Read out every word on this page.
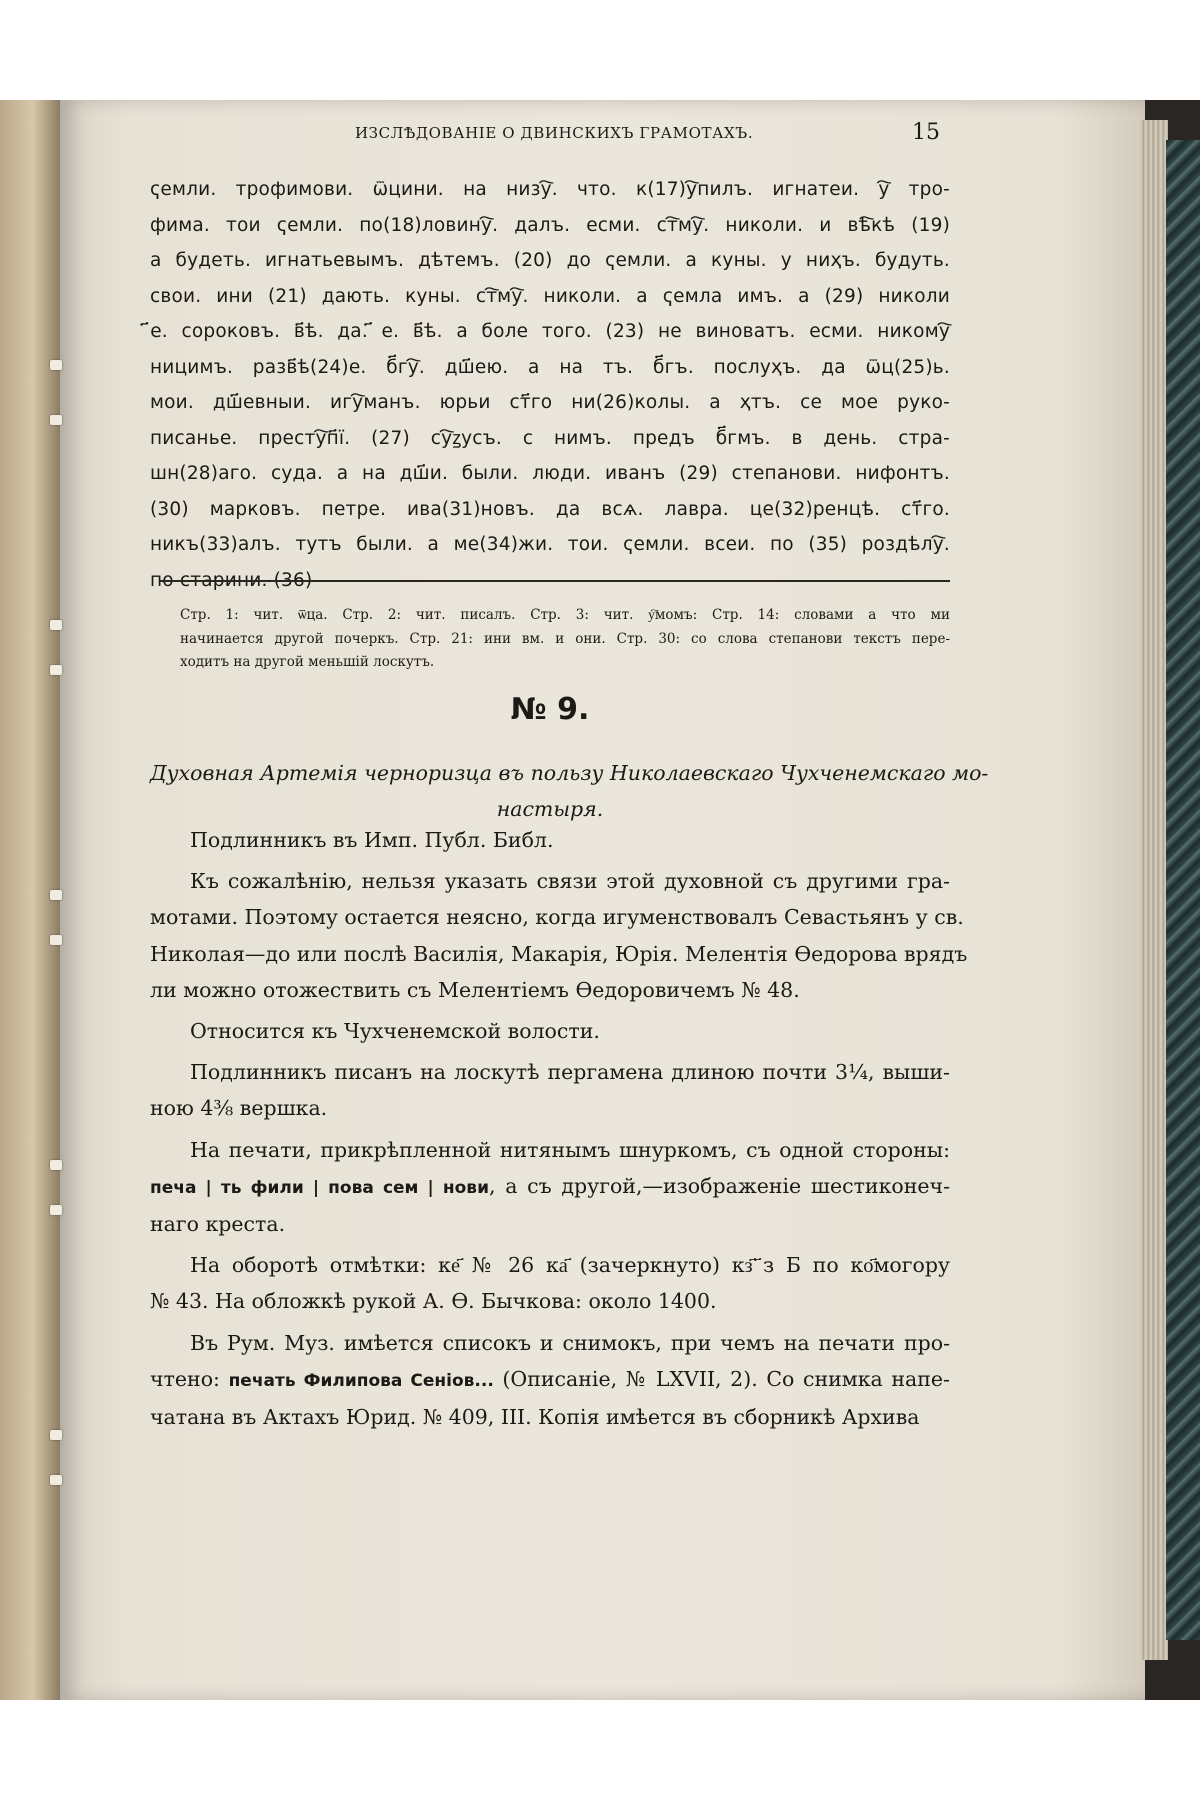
ИЗСЛѢДОВАНІЕ О ДВИНСКИХЪ ГРАМОТАХЪ.	15
ҁемли. трофимови. ѿцини. на низу҇. что. к(17)у҇пилъ. игнатеи. у҇ тро-
фима. тои ҁемли. по(18)ловину҇. далъ. есми. ст҇му҇. николи. и вѣ҇кѣ (19)
а будеть. игнатьевымъ. дѣтемъ. (20) до ҁемли. а куны. у ниҳъ. будуть.
свои. ини (21) дають. куны. ст҇му҇. николи. а ҁемла имъ. а (29) николи
҃е. сороковъ. в҃ѣ. да. ҃е. в҃ѣ. а боле того. (23) не виноватъ. есми. никому҇
ницимъ. разв҃ѣ(24)е. б҃гу҇. дш҃ею. а на тъ. б҃гъ. послуҳъ. да ѿц(25)ь.
мои. дш҃евныи. игу҇манъ. юрьи ст҃го ни(26)колы. а ҳтъ. се мое руко-
писанье. престу҇п҃ї. (27) су҇ꙁусъ. с нимъ. предъ б҃гмъ. в день. стра-
шн(28)аго. суда. а на дш҃и. были. люди. иванъ (29) степанови. нифонтъ.
(30) марковъ. петре. ива(31)новъ. да всѧ. лавра. це(32)ренцѣ. ст҃го.
никъ(33)алъ. тутъ были. а ме(34)жи. тои. ҁемли. всеи. по (35) роздѣлу҇.
по старини. (36)
Стр. 1: чит. ѿца. Стр. 2: чит. писалъ. Стр. 3: чит. у҇момъ: Стр. 14: словами а что ми
начинается другой почеркъ. Стр. 21: ини вм. и они. Стр. 30: со слова степанови текстъ пере-
ходитъ на другой меньшій лоскутъ.
№ 9.
Духовная Артемія черноризца въ пользу Николаевскаго Чухченемскаго мо-
настыря.
Подлинникъ въ Имп. Публ. Библ.
Къ сожалѣнію, нельзя указать связи этой духовной съ другими гра-
мотами. Поэтому остается неясно, когда игуменствовалъ Севастьянъ у св.
Николая—до или послѣ Василія, Макарія, Юрія. Мелентія Өедорова врядъ
ли можно отожествить съ Мелентіемъ Өедоровичемъ № 48.
Относится къ Чухченемской волости.
Подлинникъ писанъ на лоскутѣ пергамена длиною почти 3¼, выши-
ною 4⅜ вершка.
На печати, прикрѣпленной нитянымъ шнуркомъ, съ одной стороны:
печа | ть фили | пова сем | нови, а съ другой,—изображеніе шестиконеч-
наго креста.
На оборотѣ отмѣтки: ке҃ № 26 ка҃ (зачеркнуто) кз҃ ҃з Б по ко҃могору
№ 43. На обложкѣ рукой А. Ө. Бычкова: около 1400.
Въ Рум. Муз. имѣется списокъ и снимокъ, при чемъ на печати про-
чтено: печать Филипова Сенiов... (Описаніе, № LXVII, 2). Со снимка напе-
чатана въ Актахъ Юрид. № 409, III. Копія имѣется въ сборникѣ Архива
